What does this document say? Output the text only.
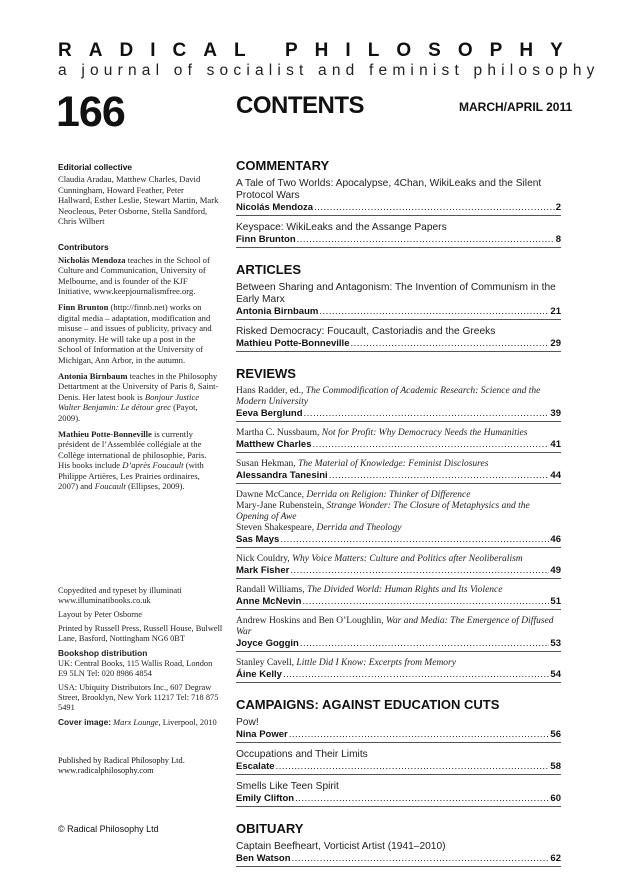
R A D I C A L
P H I L O S O P H Y
a journal of socialist and feminist philosophy
166	CONTENTS	MARCH/APRIL 2011
Editorial collective

Claudia Aradau, Matthew Charles, David Cunningham, Howard Feather, Peter Hallward, Esther Leslie, Stewart Martin, Mark Neocleous, Peter Osborne, Stella Sandford, Chris Wilbert

Contributors

Nicholás Mendoza teaches in the School of Culture and Communication, University of Melbourne, and is founder of the KJF Initiative, www.keepjournalismfree.org.

Finn Brunton (http://finnb.net) works on digital media – adaptation, modification and misuse – and issues of publicity, privacy and anonymity. He will take up a post in the School of Information at the University of Michigan, Ann Arbor, in the autumn.

Antonia Birnbaum teaches in the Philosophy Dettartment at the University of Paris 8, Saint-Denis. Her latest book is Bonjour Justice Walter Benjamin: Le détour grec (Payot, 2009).

Mathieu Potte-Bonneville is currently président de l’Assemblée collégiale at the Collège international de philosophie, Paris. His books include D’après Foucault (with Philippe Artières, Les Prairies ordinaires, 2007) and Foucault (Ellipses, 2009).

Copyedited and typeset by illuminati www.illuminatibooks.co.uk

Layout by Peter Osborne

Printed by Russell Press, Russell House, Bulwell Lane, Basford, Nottingham NG6 0BT

Bookshop distribution

UK: Central Books, 115 Wallis Road, London E9 5LN Tel: 020 8986 4854

USA: Ubiquity Distributors Inc., 607 Degraw Street, Brooklyn, New York 11217 Tel: 718 875 5491

Cover image: Marx Lounge, Liverpool, 2010

Published by Radical Philosophy Ltd.
www.radicalphilosophy.com
© Radical Philosophy Ltd
COMMENTARY
A Tale of Two Worlds: Apocalypse, 4Chan, WikiLeaks and the Silent Protocol Wars
Nicolás Mendoza .....	2
Keyspace: WikiLeaks and the Assange Papers
Finn Brunton .....	8
ARTICLES
Between Sharing and Antagonism: The Invention of Communism in the Early Marx
Antonia Birnbaum .....	21
Risked Democracy: Foucault, Castoriadis and the Greeks
Mathieu Potte-Bonneville .....	29
REVIEWS
Hans Radder, ed., The Commodification of Academic Research: Science and the Modern University
Eeva Berglund .....	39
Martha C. Nussbaum, Not for Profit: Why Democracy Needs the Humanities
Matthew Charles .....	41
Susan Hekman, The Material of Knowledge: Feminist Disclosures
Alessandra Tanesini .....	44
Dawne McCance, Derrida on Religion: Thinker of Difference
Mary-Jane Rubenstein, Strange Wonder: The Closure of Metaphysics and the Opening of Awe
Steven Shakespeare, Derrida and Theology
Sas Mays .....	46
Nick Couldry, Why Voice Matters: Culture and Politics after Neoliberalism
Mark Fisher .....	49
Randall Williams, The Divided World: Human Rights and Its Violence
Anne McNevin .....	51
Andrew Hoskins and Ben O’Loughlin, War and Media: The Emergence of Diffused War
Joyce Goggin .....	53
Stanley Cavell, Little Did I Know: Excerpts from Memory
Áine Kelly .....	54
CAMPAIGNS: AGAINST EDUCATION CUTS
Pow!
Nina Power .....	56
Occupations and Their Limits
Escalate .....	58
Smells Like Teen Spirit
Emily Clifton .....	60
OBITUARY
Captain Beefheart, Vorticist Artist (1941–2010)
Ben Watson .....	62
